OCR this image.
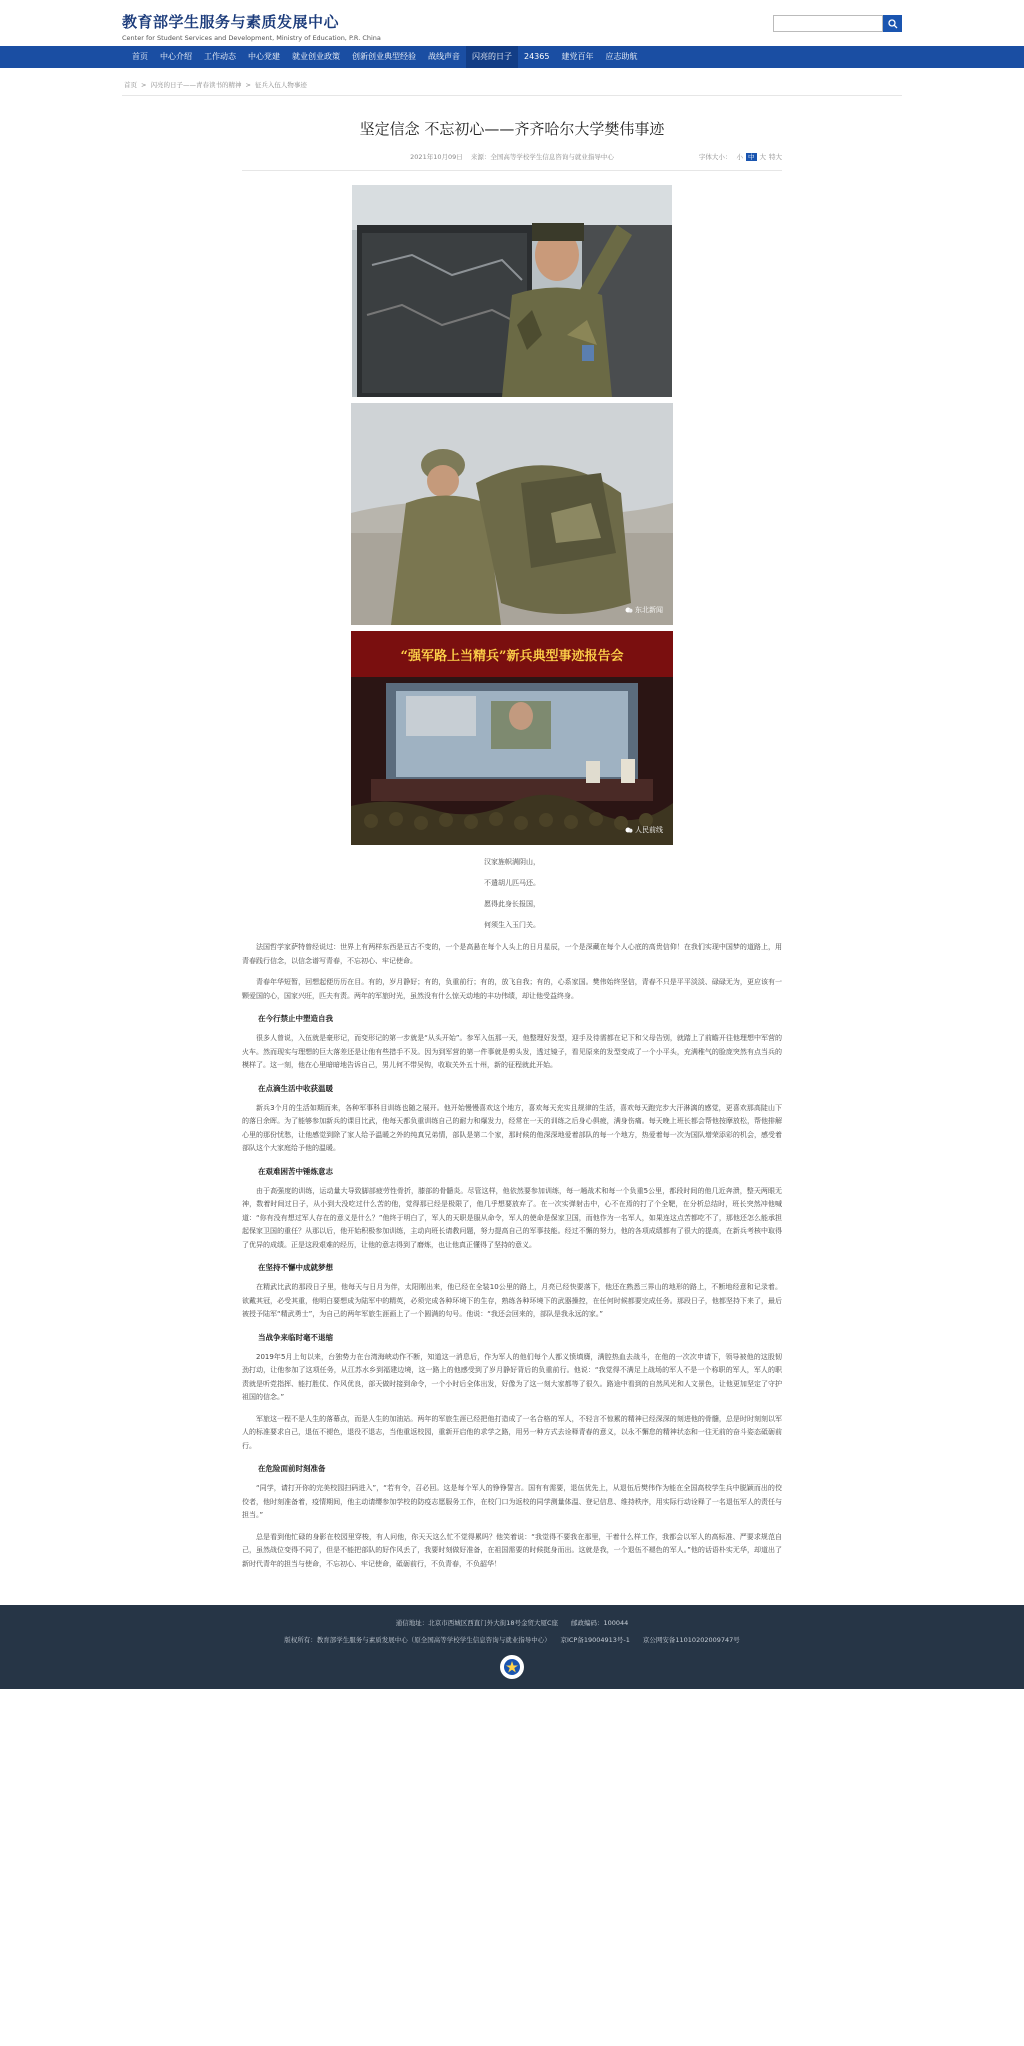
教育部学生服务与素质发展中心
Center for Student Services and Development, Ministry of Education, P.R. China
首页	中心介绍	工作动态	中心党建	就业创业政策	创新创业典型经验	战线声音	闪亮的日子	24365	建党百年	应志助航
首页 > 闪亮的日子——青春读书的精神 > 征兵入伍人物事迹
坚定信念 不忘初心——齐齐哈尔大学樊伟事迹
2021年10月09日 来源：全国高等学校学生信息咨询与就业指导中心	字体大小： 小 中 大 特大
东北新闻
“强军路上当精兵”新兵典型事迹报告会
人民前线

汉家旌帜满阴山，

不遣胡儿匹马还。

愿得此身长报国，

何须生入玉门关。

法国哲学家萨特曾经说过：世界上有两样东西是亘古不变的，一个是高悬在每个人头上的日月星辰，一个是深藏在每个人心底的高贵信仰！在我们实现中国梦的道路上，用青春践行信念，以信念谱写青春，不忘初心、牢记使命。

青春年华短暂，回想起便历历在目。有的，岁月静好；有的，负重前行；有的，放飞自我；有的，心系家国。樊伟始终坚信，青春不只是平平淡淡、碌碌无为，更应该有一颗爱国的心，国家兴旺，匹夫有责。两年的军旅时光，虽然没有什么惊天动地的丰功伟绩，却让他受益终身。

在今行禁止中塑造自我

很多人曾说，入伍就是豪形记，而变形记的第一步就是“从头开始”。参军入伍那一天，他整理好发型，迎手及待需都在记下和父母告别，就踏上了前瞻开往他理想中军营的火车。然而现实与理想的巨大落差还是让他有些措手不及。因为到军营的第一件事就是剪头发，透过镜子，看见原来的发型变成了一个小平头，充满稚气的脸庞突然有点当兵的模样了。这一刻，他在心里暗暗地告诉自己，男儿何不带吴钩，收取关外五十州，新的征程就此开始。

在点滴生活中收获温暖

新兵3个月的生活如期而来，各种军事科目训练也随之展开。他开始慢慢喜欢这个地方，喜欢每天充实且规律的生活，喜欢每天跑完步大汗淋漓的感觉，更喜欢那高陡山下的落日余晖。为了能够参加新兵的课目比武，他每天都负重训练自己的耐力和爆发力，经常在一天的训练之后身心俱疲，满身伤痛。每天晚上班长都会帮他按摩放松，帮他排解心里的那份忧愁，让他感觉到除了家人给予温暖之外的纯真兄弟情，部队是第二个家，那时候的他深深地爱着部队的每一个地方，热爱着每一次为国队增荣添彩的机会，感受着部队这个大家庭给予他的温暖。

在艰难困苦中锤炼意志

由于高强度的训练，运动量大导致脚部疲劳性骨折，膝部的骨髓炎。尽管这样，他依然要参加训练，每一趟战术和每一个负重5公里，都段时间的他几近奔溃，整天两眼无神，数着时间过日子，从小到大没吃过什么苦的他，觉得那已经是极限了，他几乎想要放弃了。在一次实弹射击中，心不在焉的打了个全靶，在分析总结时，班长突然冲他喊道：“你有没有想过军人存在的意义是什么？”他终于明白了，军人的天职是服从命令，军人的使命是保家卫国，而他作为一名军人，如果连这点苦都吃不了，那他还怎么能承担起保家卫国的重任？从那以后，他开始积极参加训练，主动向班长请教问题，努力提高自己的军事技能。经过不懈的努力，他的各项成绩都有了很大的提高，在新兵考核中取得了优异的成绩。正是这段艰难的经历，让他的意志得到了磨炼，也让他真正懂得了坚持的意义。

在坚持不懈中成就梦想

在精武比武的那段日子里，他每天与日月为伴，太阳刚出来，他已经在全装10公里的路上，月亮已经快要落下，他还在熟悉三界山的地形的路上，不断地经意和记录着。欲戴其冠，必受其重，他明白要想成为陆军中的精英，必须完成各种环境下的生存，熟练各种环境下的武器操控，在任何时候都要完成任务。那段日子，他都坚持下来了，最后被授予陆军“精武勇士”，为自己的两年军旅生涯画上了一个圆满的句号。他说：“我还会回来的，部队是我永远的家。”

当战争来临时毫不退缩

2019年5月上旬以来，台独势力在台湾海峡动作不断，知道这一消息后，作为军人的他们每个人都义愤填膺，满腔热血去战斗，在他的一次次申请下，领导被他的这股韧劲打动，让他参加了这项任务，从江苏水乡到福建边境，这一路上的他感受到了岁月静好背后的负重前行。他说：“我觉得不满足上战场的军人不是一个称职的军人，军人的职责就是听党指挥、能打胜仗、作风优良，部天做时接到命令，一个小时后全体出发，好像为了这一刻大家都等了很久。路途中看到的自然风光和人文景色，让他更加坚定了守护祖国的信念。”

军旅这一程不是人生的落幕点，而是人生的加油站。两年的军旅生涯已经把他打造成了一名合格的军人，不轻言不惊累的精神已经深深的刻进他的骨髓，总是时时刻刻以军人的标准要求自己，退伍不褪色，退役不退志，当他重返校园，重新开启他的求学之路，用另一种方式去诠释青春的意义，以永不懈怠的精神状态和一往无前的奋斗姿态砥砺前行。

在危险面前时刻准备

“同学，请打开你的完美校园扫码进入”，“若有令，召必回。这是每个军人的铮铮誓言。国有有需要，退伍优先上，从退伍后樊伟作为能在全国高校学生兵中脱颖而出的佼佼者，他时刻准备着，疫情期间，他主动请缨参加学校的防疫志愿服务工作，在校门口为返校的同学测量体温、登记信息、维持秩序，用实际行动诠释了一名退伍军人的责任与担当。”

总是看到他忙碌的身影在校园里穿梭，有人问他，你天天这么忙不觉得累吗？他笑着说：“我觉得不要我在那里，干着什么样工作，我都会以军人的高标准、严要求规范自己，虽然战位变得不同了，但是不能把部队的好作风丢了，我要时刻做好准备，在祖国需要的时候挺身而出。这就是我，一个退伍不褪色的军人。”他的话语朴实无华，却道出了新时代青年的担当与使命，不忘初心、牢记使命，砥砺前行，不负青春，不负韶华！

通信地址：北京市西城区西直门外大街18号金贸大厦C座　　邮政编码：100044

版权所有：教育部学生服务与素质发展中心（原全国高等学校学生信息咨询与就业指导中心）　　京ICP备19004913号-1　　京公网安备11010202009747号
